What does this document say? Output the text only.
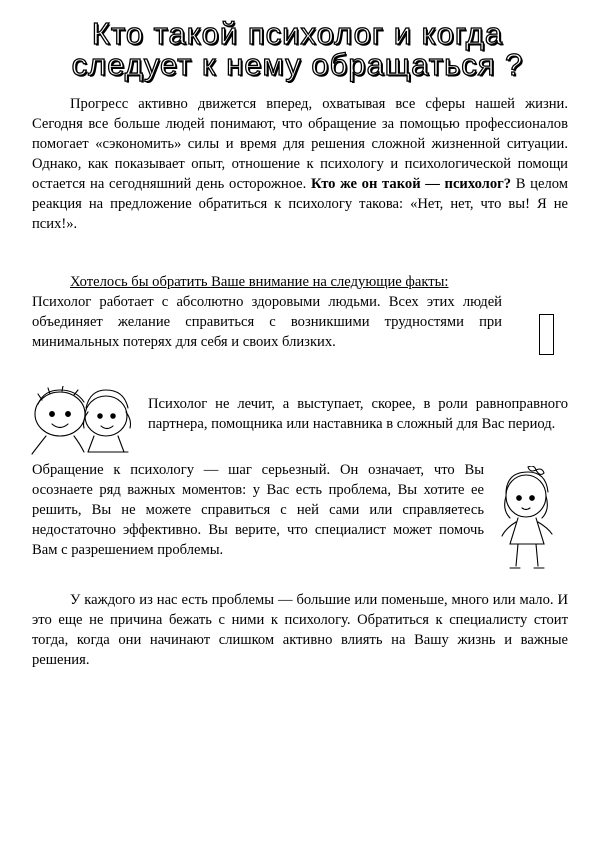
Кто такой психолог и когда
следует к нему обращаться ?
Прогресс активно движется вперед, охватывая все сферы нашей жизни. Сегодня все больше людей понимают, что обращение за помощью профессионалов помогает «сэкономить» силы и время для решения сложной жизненной ситуации. Однако, как показывает опыт, отношение к психологу и психологической помощи остается на сегодняшний день осторожное. Кто же он такой — психолог? В целом реакция на предложение обратиться к психологу такова: «Нет, нет, что вы! Я не псих!».
Хотелось бы обратить Ваше внимание на следующие факты:
Психолог работает с абсолютно здоровыми людьми. Всех этих людей объединяет желание справиться с возникшими трудностями при минимальных потерях для себя и своих близких.
Психолог не лечит, а выступает, скорее, в роли равноправного партнера, помощника или наставника в сложный для Вас период.
Обращение к психологу — шаг серьезный. Он означает, что Вы осознаете ряд важных моментов: у Вас есть проблема, Вы хотите ее решить, Вы не можете справиться с ней сами или справляетесь недостаточно эффективно. Вы верите, что специалист может помочь Вам с разрешением проблемы.
У каждого из нас есть проблемы — большие или поменьше, много или мало. И это еще не причина бежать с ними к психологу. Обратиться к специалисту стоит тогда, когда они начинают слишком активно влиять на Вашу жизнь и важные решения.
